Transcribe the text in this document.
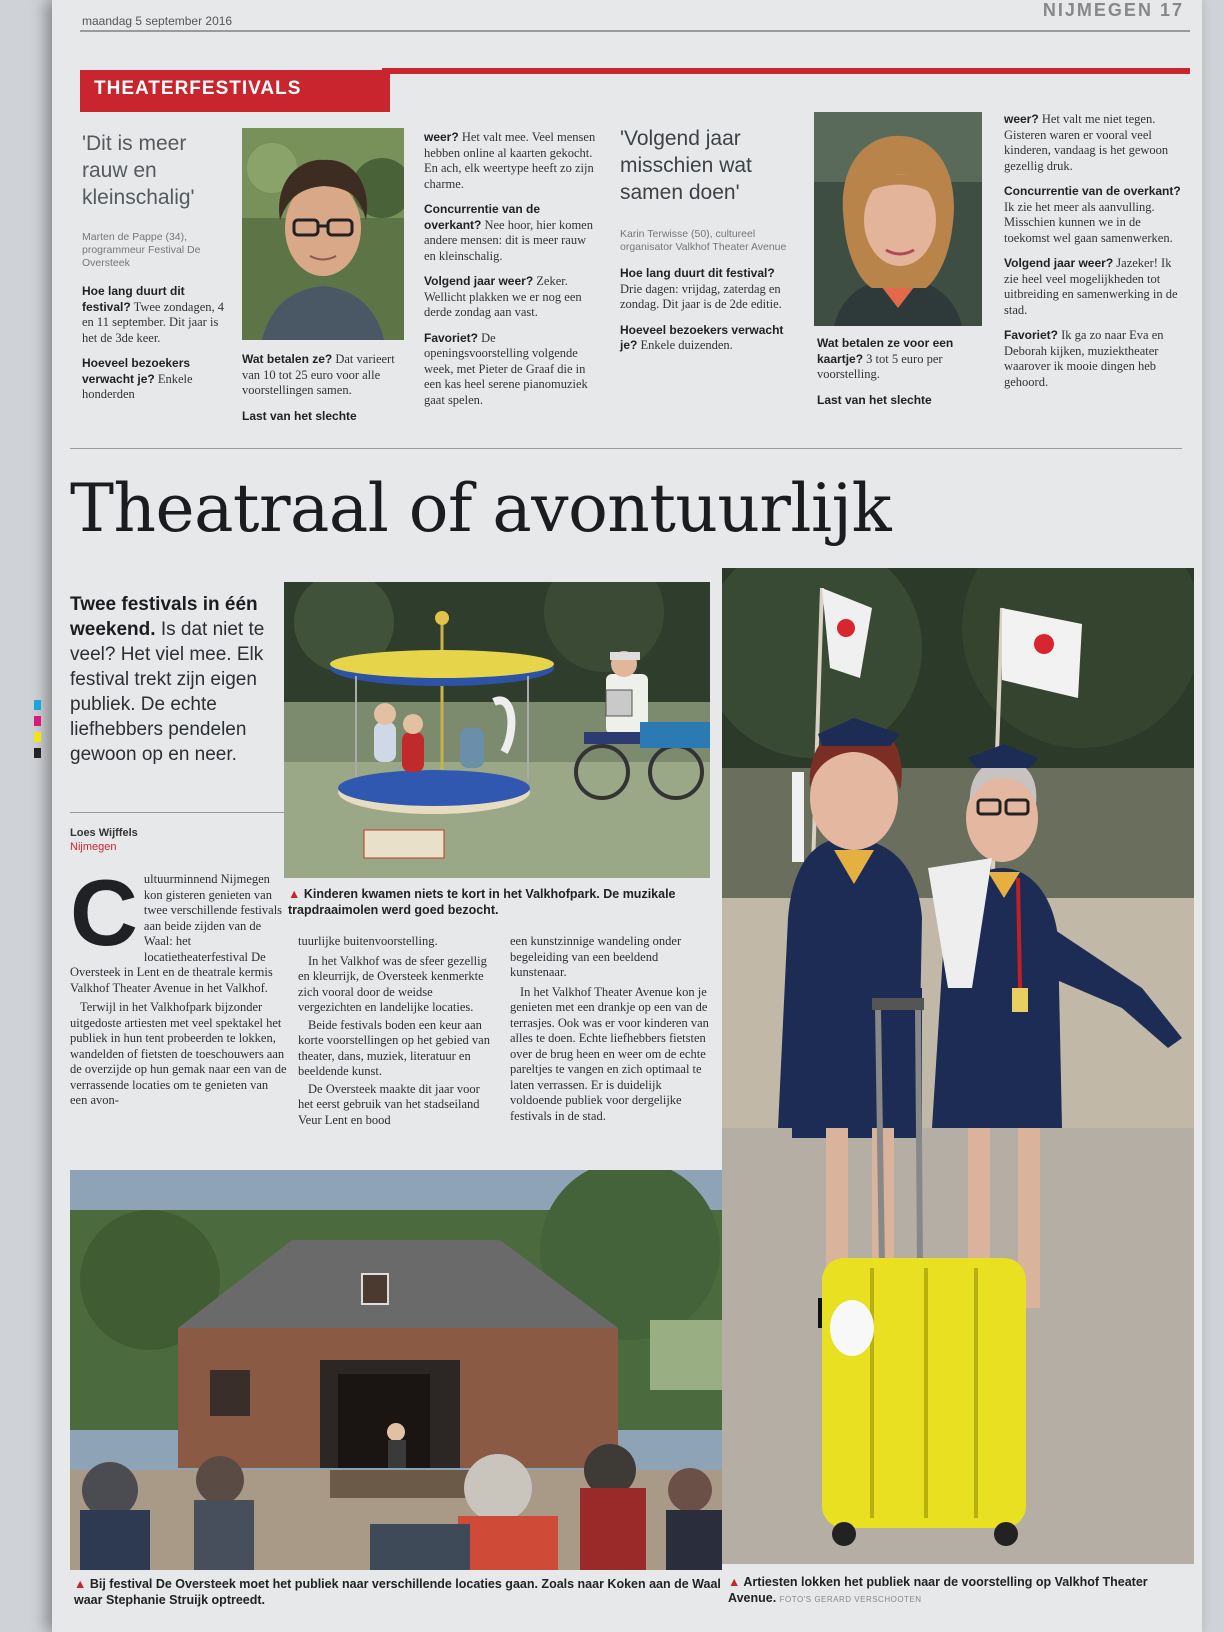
maandag 5 september 2016
NIJMEGEN 17
THEATERFESTIVALS
'Dit is meer rauw en kleinschalig'
Marten de Pappe (34), programmeur Festival De Oversteek

Hoe lang duurt dit festival? Twee zondagen, 4 en 11 september. Dit jaar is het de 3de keer.

Hoeveel bezoekers verwacht je? Enkele honderden

Wat betalen ze? Dat varieert van 10 tot 25 euro voor alle voorstellingen samen.

Last van het slechte

weer? Het valt mee. Veel mensen hebben online al kaarten gekocht. En ach, elk weertype heeft zo zijn charme.

Concurrentie van de overkant? Nee hoor, hier komen andere mensen: dit is meer rauw en kleinschalig.

Volgend jaar weer? Zeker. Wellicht plakken we er nog een derde zondag aan vast.

Favoriet? De openingsvoorstelling volgende week, met Pieter de Graaf die in een kas heel serene pianomuziek gaat spelen.

'Volgend jaar misschien wat samen doen'
Karin Terwisse (50), cultureel organisator Valkhof Theater Avenue

Hoe lang duurt dit festival? Drie dagen: vrijdag, zaterdag en zondag. Dit jaar is de 2de editie.

Hoeveel bezoekers verwacht je? Enkele duizenden.	Wat betalen ze voor een kaartje? 3 tot 5 euro per voorstelling.

Last van het slechte

weer? Het valt me niet tegen. Gisteren waren er vooral veel kinderen, vandaag is het gewoon gezellig druk.

Concurrentie van de overkant? Ik zie het meer als aanvulling. Misschien kunnen we in de toekomst wel gaan samenwerken.

Volgend jaar weer? Jazeker! Ik zie heel veel mogelijkheden tot uitbreiding en samenwerking in de stad.

Favoriet? Ik ga zo naar Eva en Deborah kijken, muziektheater waarover ik mooie dingen heb gehoord.

Theatraal of avontuurlijk
Twee festivals in één weekend. Is dat niet te veel? Het viel mee. Elk festival trekt zijn eigen publiek. De echte liefhebbers pendelen gewoon op en neer.
Loes Wijffels
Nijmegen
C ultuurminnend Nijmegen kon gisteren genieten van twee verschillende festivals aan beide zijden van de Waal: het locatietheaterfestival De Oversteek in Lent en de theatrale kermis Valkhof Theater Avenue in het Valkhof.

Terwijl in het Valkhofpark bijzonder uitgedoste artiesten met veel spektakel het publiek in hun tent probeerden te lokken, wandelden of fietsten de toeschouwers aan de overzijde op hun gemak naar een van de verrassende locaties om te genieten van een avon-

▲ Kinderen kwamen niets te kort in het Valkhofpark. De muzikale trapdraaimolen werd goed bezocht.

tuurlijke buitenvoorstelling.

In het Valkhof was de sfeer gezellig en kleurrijk, de Oversteek kenmerkte zich vooral door de weidse vergezichten en landelijke locaties.

Beide festivals boden een keur aan korte voorstellingen op het gebied van theater, dans, muziek, literatuur en beeldende kunst.

De Oversteek maakte dit jaar voor het eerst gebruik van het stadseiland Veur Lent en bood

een kunstzinnige wandeling onder begeleiding van een beeldend kunstenaar.

In het Valkhof Theater Avenue kon je genieten met een drankje op een van de terrasjes. Ook was er voor kinderen van alles te doen. Echte liefhebbers fietsten over de brug heen en weer om de echte pareltjes te vangen en zich optimaal te laten verrassen. Er is duidelijk voldoende publiek voor dergelijke festivals in de stad.

▲ Bij festival De Oversteek moet het publiek naar verschillende locaties gaan. Zoals naar Koken aan de Waal waar Stephanie Struijk optreedt.
▲ Artiesten lokken het publiek naar de voorstelling op Valkhof Theater Avenue. FOTO'S GERARD VERSCHOOTEN
